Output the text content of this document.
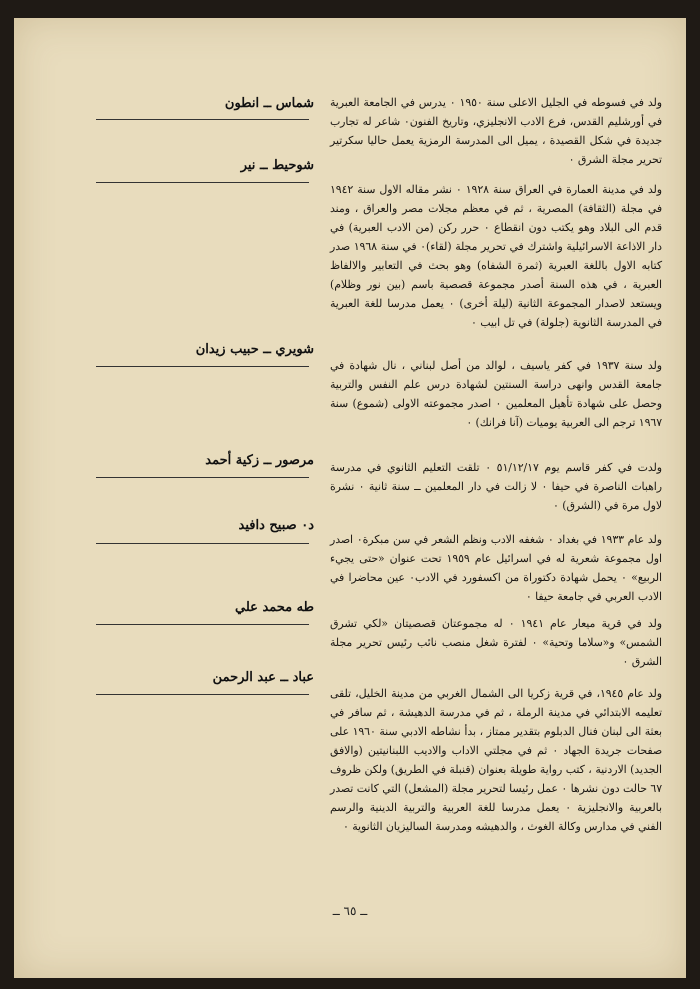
شماس ــ انطون ولد في فسوطه في الجليل الاعلى سنة ١٩٥٠ ۰ يدرس في الجامعة العبرية في أورشليم القدس، فرع الادب الانجليزي، وتاريخ الفنون۰ شاعر له تجارب جديدة في شكل القصيدة ، يميل الى المدرسة الرمزية يعمل حاليا سكرتير تحرير مجلة الشرق ۰
شوحيط ــ نير
ولد في مدينة العمارة في العراق سنة ١٩٢٨ ۰ نشر مقاله الاول سنة ١٩٤٢ في مجلة (الثقافة) المصرية ، ثم في معظم مجلات مصر والعراق ، ومند قدم الى البلاد وهو يكتب دون انقطاع ۰ حرر ركن (من الادب العبرية) في دار الاذاعة الاسرائيلية واشترك في تحرير مجلة (لقاء)۰ في سنة ١٩٦٨ صدر كتابه الاول باللغة العبرية (ثمرة الشفاه) وهو بحث في التعابير والالفاظ العبرية ، في هذه السنة أصدر مجموعة قصصية باسم (بين نور وظلام) ويستعد لاصدار المجموعة الثانية (ليلة أخرى) ۰ يعمل مدرسا للغة العبرية في المدرسة الثانوية (جلولة) في تل ابيب ۰
شويري ــ حبيب زيدان
ولد سنة ١٩٣٧ في كفر ياسيف ، لوالد من أصل لبناني ، نال شهادة في جامعة القدس وانهى دراسة السنتين لشهادة درس علم النفس والتربية وحصل على شهادة تأهيل المعلمين ۰ اصدر مجموعته الاولى (شموع) سنة ١٩٦٧ ترجم الى العربية يوميات (آنا فرانك) ۰
مرصور ــ زكية أحمد ولدت في كفر قاسم يوم ٥١/١٢/١٧ ۰ تلقت التعليم الثانوي في مدرسة راهبات الناصرة في حيفا ۰ لا زالت في دار المعلمين ــ سنة ثانية ۰ نشرة لاول مرة في (الشرق) ۰
د۰ صبيح دافيد
ولد عام ١٩٣٣ في بغداد ۰ شغفه الادب ونظم الشعر في سن مبكرة۰ اصدر اول مجموعة شعرية له في اسرائيل عام ١٩٥٩ تحت عنوان «حتى يجيء الربيع» ۰ يحمل شهادة دكتوراة من اكسفورد في الادب۰ عين محاضرا في الادب العربي في جامعة حيفا ۰
طه محمد علي
ولد في قرية ميعار عام ١٩٤١ ۰ له مجموعتان قصصيتان «لكي تشرق الشمس» و«سلاما وتحية» ۰ لفترة شغل منصب نائب رئيس تحرير مجلة الشرق ۰
عباد ــ عبد الرحمن
ولد عام ١٩٤٥، في قرية زكريا الى الشمال الغربي من مدينة الخليل، تلقى تعليمه الابتدائي في مدينة الرملة ، ثم في مدرسة الدهيشة ، ثم سافر في بعثة الى لبنان فنال الدبلوم بتقدير ممتاز ، بدأ نشاطه الادبي سنة ١٩٦٠ على صفحات جريدة الجهاد ۰ ثم في مجلتي الاداب والاديب اللبنانيتين (والافق الجديد) الاردنية ، كتب رواية طويلة بعنوان (قنبلة في الطريق) ولكن ظروف ٦٧ حالت دون نشرها ۰ عمل رئيسا لتحرير مجلة (المشعل) التي كانت تصدر بالعربية والانجليزية ۰ يعمل مدرسا للغة العربية والتربية الدينية والرسم الفني في مدارس وكالة الغوث ، والدهيشه ومدرسة الساليزيان الثانوية ۰
ــ ٦٥ ــ
